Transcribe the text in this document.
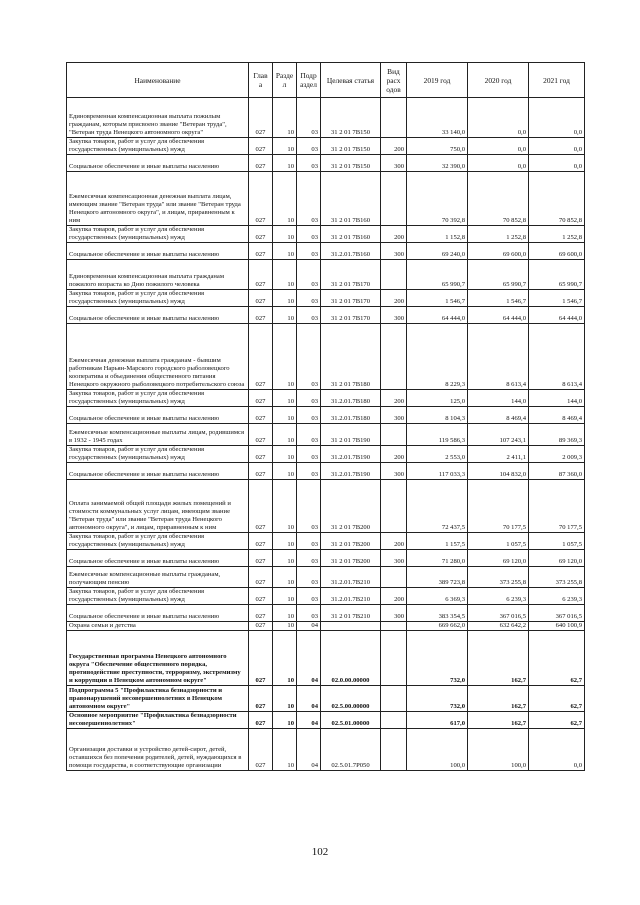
Наименование	Глав а	Разде л	Подр аздел	Целевая статья	Вид расх одов	2019 год	2020 год	2021 год
Единовременная компенсационная выплата пожилым гражданам, которым присвоено звание "Ветеран труда", "Ветеран труда Ненецкого автономного округа"	027	10	03	31 2 01 7В150		33 140,0	0,0	0,0
Закупка товаров, работ и услуг для обеспечения государственных (муниципальных) нужд	027	10	03	31 2 01 7В150	200	750,0	0,0	0,0
Социальное обеспечение и иные выплаты населению	027	10	03	31 2 01 7В150	300	32 390,0	0,0	0,0
Ежемесячная компенсационная денежная выплата лицам, имеющим звание "Ветеран труда" или звание "Ветеран труда Ненецкого автономного округа", и лицам, приравненным к ним	027	10	03	31 2 01 7В160		70 392,8	70 852,8	70 852,8
Закупка товаров, работ и услуг для обеспечения государственных (муниципальных) нужд	027	10	03	31 2 01 7В160	200	1 152,8	1 252,8	1 252,8
Социальное обеспечение и иные выплаты населению	027	10	03	31.2.01.7В160	300	69 240,0	69 600,0	69 600,0
Единовременная компенсационная выплата гражданам пожилого возраста ко Дню пожилого человека	027	10	03	31 2 01 7В170		65 990,7	65 990,7	65 990,7
Закупка товаров, работ и услуг для обеспечения государственных (муниципальных) нужд	027	10	03	31 2 01 7В170	200	1 546,7	1 546,7	1 546,7
Социальное обеспечение и иные выплаты населению	027	10	03	31 2 01 7В170	300	64 444,0	64 444,0	64 444,0
Ежемесячная денежная выплата гражданам - бывшим работникам Нарьян-Марского городского рыболовецкого кооператива и объединения общественного питания Ненецкого окружного рыболовецкого потребительского союза	027	10	03	31 2 01 7В180		8 229,3	8 613,4	8 613,4
Закупка товаров, работ и услуг для обеспечения государственных (муниципальных) нужд	027	10	03	31.2.01.7В180	200	125,0	144,0	144,0
Социальное обеспечение и иные выплаты населению	027	10	03	31.2.01.7В180	300	8 104,3	8 469,4	8 469,4
Ежемесячные компенсационные выплаты лицам, родившимся в 1932 - 1945 годах	027	10	03	31 2 01 7В190		119 586,3	107 243,1	89 369,3
Закупка товаров, работ и услуг для обеспечения государственных (муниципальных) нужд	027	10	03	31.2.01.7В190	200	2 553,0	2 411,1	2 009,3
Социальное обеспечение и иные выплаты населению	027	10	03	31.2.01.7В190	300	117 033,3	104 832,0	87 360,0
Оплата занимаемой общей площади жилых помещений и стоимости коммунальных услуг лицам, имеющим звание "Ветеран труда" или звание "Ветеран труда Ненецкого автономного округа", и лицам, приравненным к ним	027	10	03	31 2 01 7В200		72 437,5	70 177,5	70 177,5
Закупка товаров, работ и услуг для обеспечения государственных (муниципальных) нужд	027	10	03	31 2 01 7В200	200	1 157,5	1 057,5	1 057,5
Социальное обеспечение и иные выплаты населению	027	10	03	31 2 01 7В200	300	71 280,0	69 120,0	69 120,0
Ежемесячные компенсационные выплаты гражданам, получающим пенсию	027	10	03	31.2.01.7В210		389 723,8	373 255,8	373 255,8
Закупка товаров, работ и услуг для обеспечения государственных (муниципальных) нужд	027	10	03	31.2.01.7В210	200	6 369,3	6 239,3	6 239,3
Социальное обеспечение и иные выплаты населению	027	10	03	31 2 01 7В210	300	383 354,5	367 016,5	367 016,5
Охрана семьи и детства	027	10	04			669 662,0	632 642,2	640 100,9
Государственная программа Ненецкого автономного округа "Обеспечение общественного порядка, противодействие преступности, терроризму, экстремизму и коррупции в Ненецком автономном округе"	027	10	04	02.0.00.00000		732,0	162,7	62,7
Подпрограмма 5 "Профилактика безнадзорности и правонарушений несовершеннолетних в Ненецком автономном округе"	027	10	04	02.5.00.00000		732,0	162,7	62,7
Основное мероприятие "Профилактика безнадзорности несовершеннолетних"	027	10	04	02.5.01.00000		617,0	162,7	62,7
Организация доставки и устройство детей-сирот, детей, оставшихся без попечения родителей, детей, нуждающихся в помощи государства, в соответствующие организации	027	10	04	02.5.01.7Р050		100,0	100,0	0,0
102
